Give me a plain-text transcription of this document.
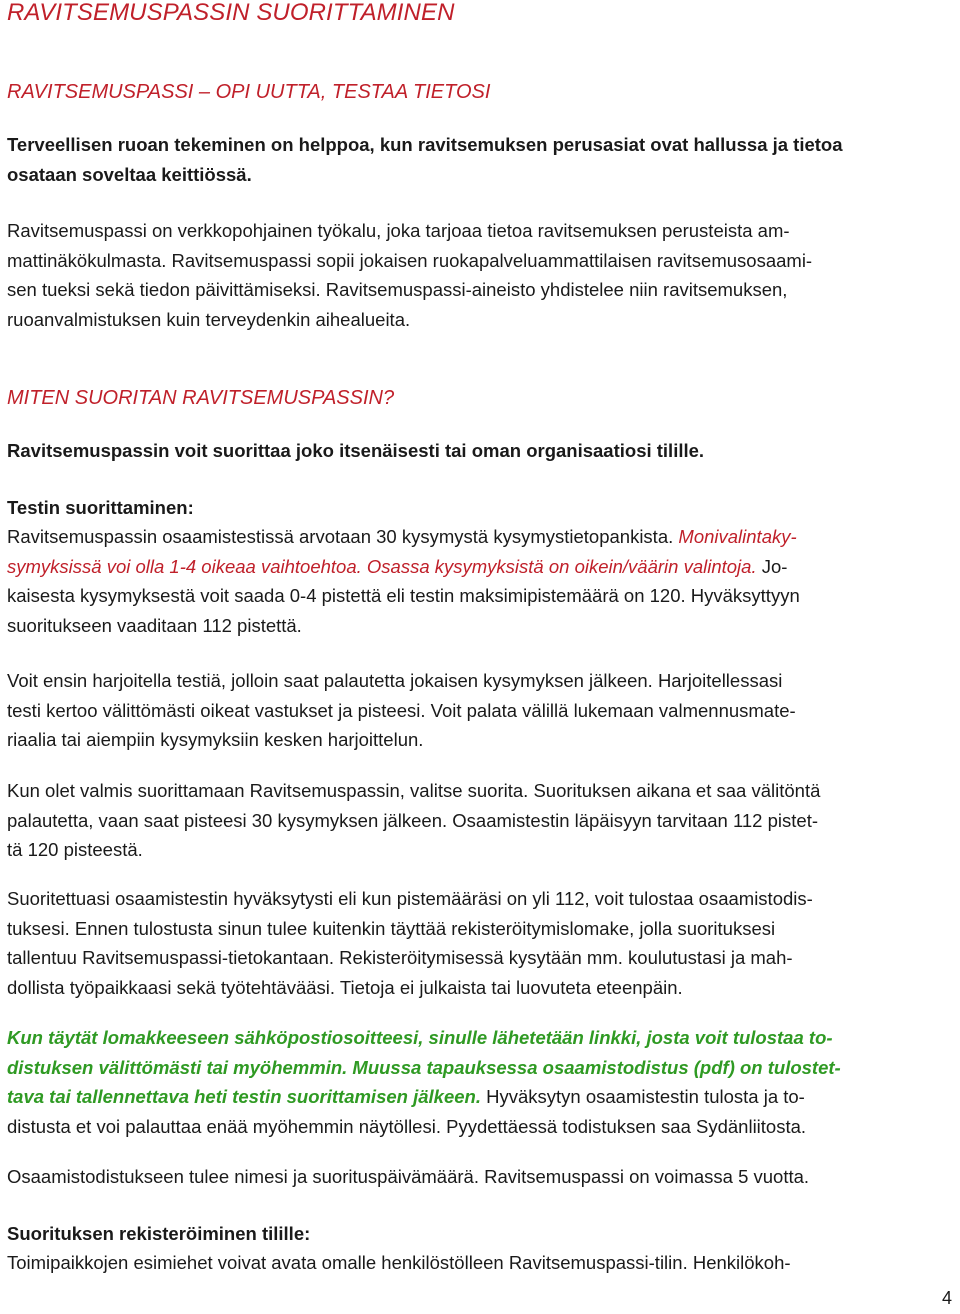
RAVITSEMUSPASSIN SUORITTAMINEN
RAVITSEMUSPASSI – OPI UUTTA, TESTAA TIETOSI

Terveellisen ruoan tekeminen on helppoa, kun ravitsemuksen perusasiat ovat hallussa ja tietoa
osataan soveltaa keittiössä.

Ravitsemuspassi on verkkopohjainen työkalu, joka tarjoaa tietoa ravitsemuksen perusteista am-
mattinäkökulmasta. Ravitsemuspassi sopii jokaisen ruokapalveluammattilaisen ravitsemusosaami-
sen tueksi sekä tiedon päivittämiseksi. Ravitsemuspassi-aineisto yhdistelee niin ravitsemuksen,
ruoanvalmistuksen kuin terveydenkin aihealueita.

MITEN SUORITAN RAVITSEMUSPASSIN?

Ravitsemuspassin voit suorittaa joko itsenäisesti tai oman organisaatiosi tilille.

Testin suorittaminen:

Ravitsemuspassin osaamistestissä arvotaan 30 kysymystä kysymystietopankista. Monivalintaky-
symyksissä voi olla 1-4 oikeaa vaihtoehtoa. Osassa kysymyksistä on oikein/väärin valintoja. Jo-
kaisesta kysymyksestä voit saada 0-4 pistettä eli testin maksimipistemäärä on 120. Hyväksyttyyn
suoritukseen vaaditaan 112 pistettä.

Voit ensin harjoitella testiä, jolloin saat palautetta jokaisen kysymyksen jälkeen. Harjoitellessasi
testi kertoo välittömästi oikeat vastukset ja pisteesi. Voit palata välillä lukemaan valmennusmate-
riaalia tai aiempiin kysymyksiin kesken harjoittelun.

Kun olet valmis suorittamaan Ravitsemuspassin, valitse suorita. Suorituksen aikana et saa välitöntä
palautetta, vaan saat pisteesi 30 kysymyksen jälkeen. Osaamistestin läpäisyyn tarvitaan 112 pistet-
tä 120 pisteestä.

Suoritettuasi osaamistestin hyväksytysti eli kun pistemääräsi on yli 112, voit tulostaa osaamistodis-
tuksesi. Ennen tulostusta sinun tulee kuitenkin täyttää rekisteröitymislomake, jolla suorituksesi
tallentuu Ravitsemuspassi-tietokantaan. Rekisteröitymisessä kysytään mm. koulutustasi ja mah-
dollista työpaikkaasi sekä työtehtävääsi. Tietoja ei julkaista tai luovuteta eteenpäin.

Kun täytät lomakkeeseen sähköpostiosoitteesi, sinulle lähetetään linkki, josta voit tulostaa to-
distuksen välittömästi tai myöhemmin. Muussa tapauksessa osaamistodistus (pdf) on tulostet-
tava tai tallennettava heti testin suorittamisen jälkeen. Hyväksytyn osaamistestin tulosta ja to-
distusta et voi palauttaa enää myöhemmin näytöllesi. Pyydettäessä todistuksen saa Sydänliitosta.

Osaamistodistukseen tulee nimesi ja suorituspäivämäärä. Ravitsemuspassi on voimassa 5 vuotta.

Suorituksen rekisteröiminen tilille:

Toimipaikkojen esimiehet voivat avata omalle henkilöstölleen Ravitsemuspassi-tilin. Henkilökoh-

4
